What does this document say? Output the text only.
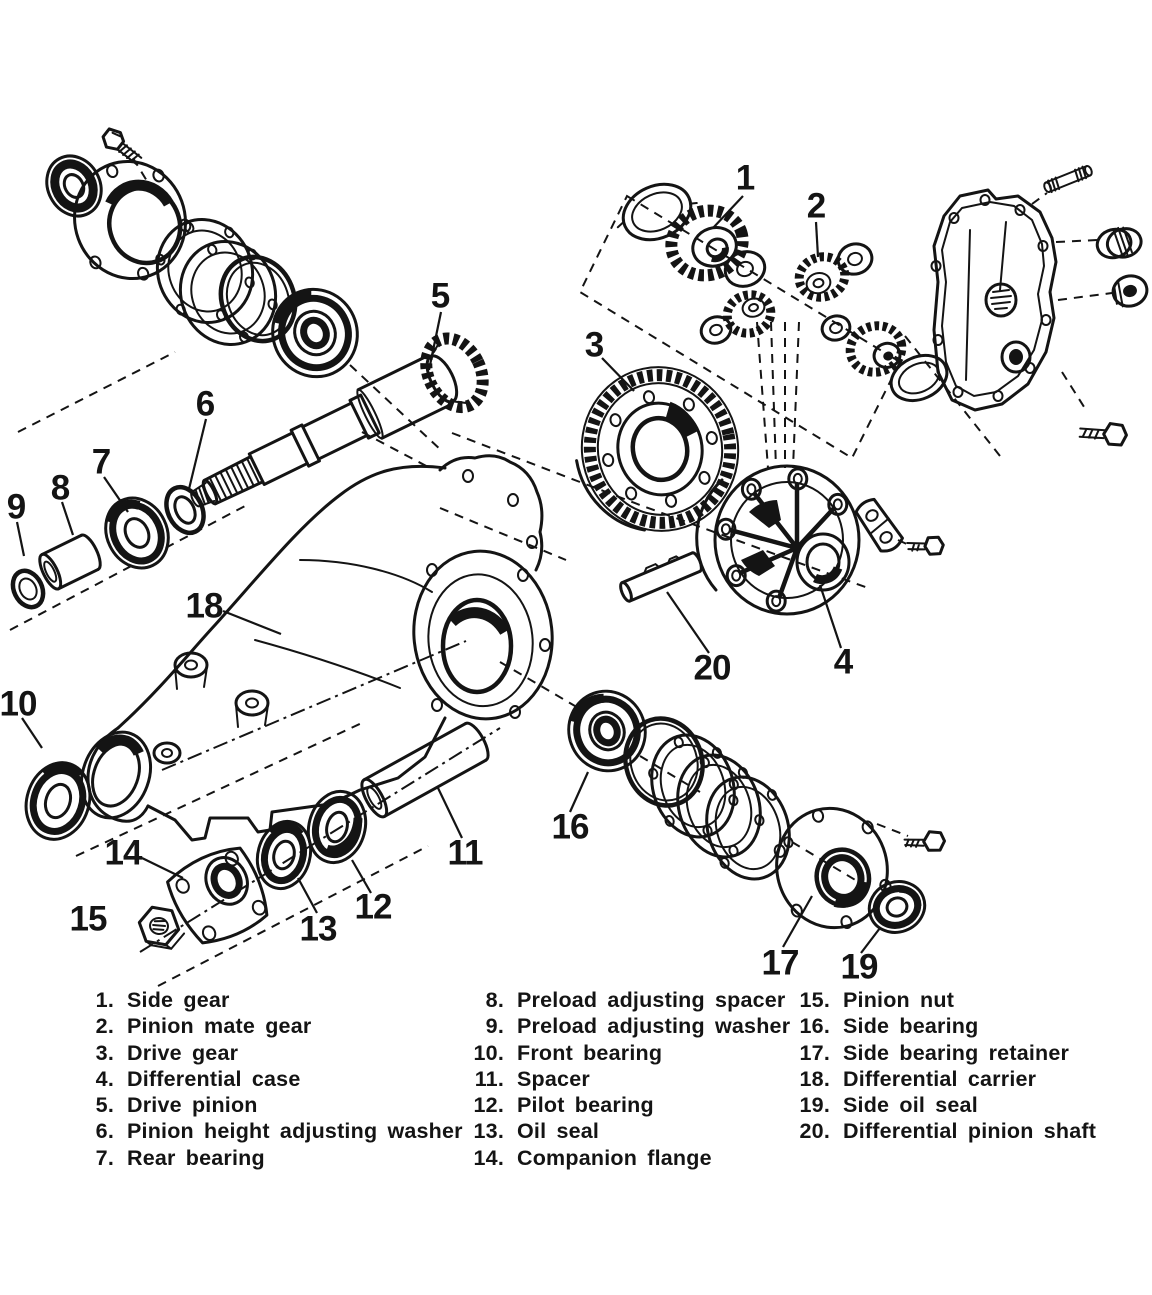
1
2
3
4
5
6
7
8
9
10
11
12
13
14
15
16
17
18
19
20
1. Side gear
2. Pinion mate gear
3. Drive gear
4. Differential case
5. Drive pinion
6. Pinion height adjusting washer
7. Rear bearing
8. Preload adjusting spacer
9. Preload adjusting washer
10. Front bearing
11. Spacer
12. Pilot bearing
13. Oil seal
14. Companion flange
15. Pinion nut
16. Side bearing
17. Side bearing retainer
18. Differential carrier
19. Side oil seal
20. Differential pinion shaft
